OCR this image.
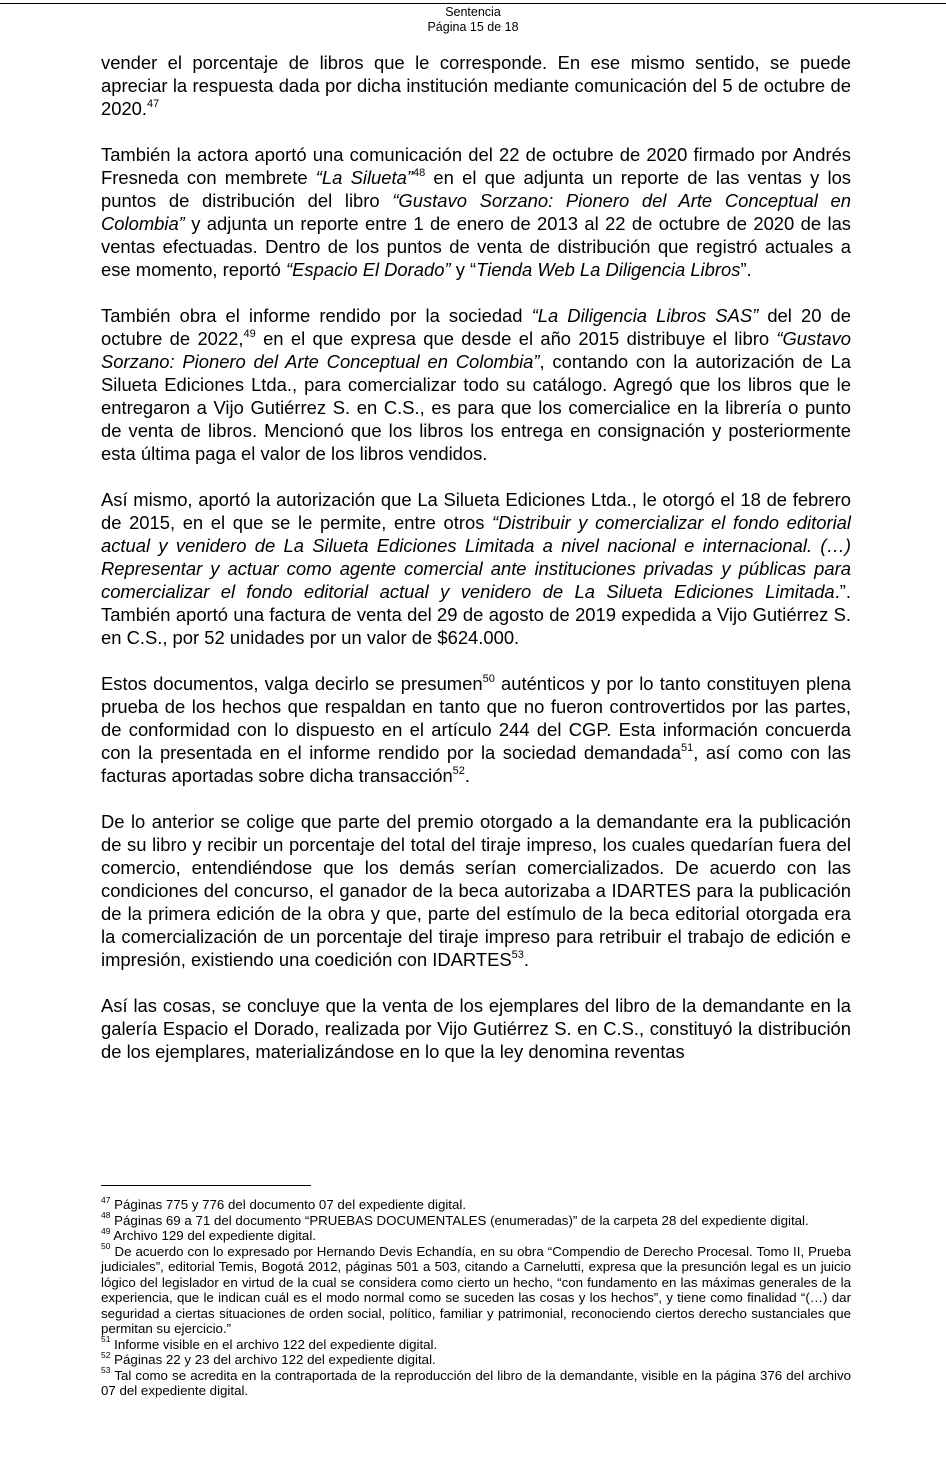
Sentencia
Página 15 de 18

vender el porcentaje de libros que le corresponde. En ese mismo sentido, se puede apreciar la respuesta dada por dicha institución mediante comunicación del 5 de octubre de 2020.47

También la actora aportó una comunicación del 22 de octubre de 2020 firmado por Andrés Fresneda con membrete “La Silueta”$^{48}$ en el que adjunta un reporte de las ventas y los puntos de distribución del libro “Gustavo Sorzano: Pionero del Arte Conceptual en Colombia” y adjunta un reporte entre 1 de enero de 2013 al 22 de octubre de 2020 de las ventas efectuadas. Dentro de los puntos de venta de distribución que registró actuales a ese momento, reportó “Espacio El Dorado” y “Tienda Web La Diligencia Libros”.

También obra el informe rendido por la sociedad “La Diligencia Libros SAS” del 20 de octubre de 2022,49 en el que expresa que desde el año 2015 distribuye el libro “Gustavo Sorzano: Pionero del Arte Conceptual en Colombia”, contando con la autorización de La Silueta Ediciones Ltda., para comercializar todo su catálogo. Agregó que los libros que le entregaron a Vijo Gutiérrez S. en C.S., es para que los comercialice en la librería o punto de venta de libros. Mencionó que los libros los entrega en consignación y posteriormente esta última paga el valor de los libros vendidos.

Así mismo, aportó la autorización que La Silueta Ediciones Ltda., le otorgó el 18 de febrero de 2015, en el que se le permite, entre otros “Distribuir y comercializar el fondo editorial actual y venidero de La Silueta Ediciones Limitada a nivel nacional e internacional. (…) Representar y actuar como agente comercial ante instituciones privadas y públicas para comercializar el fondo editorial actual y venidero de La Silueta Ediciones Limitada.”. También aportó una factura de venta del 29 de agosto de 2019 expedida a Vijo Gutiérrez S. en C.S., por 52 unidades por un valor de $624.000.

Estos documentos, valga decirlo se presumen$^{50}$ auténticos y por lo tanto constituyen plena prueba de los hechos que respaldan en tanto que no fueron controvertidos por las partes, de conformidad con lo dispuesto en el artículo 244 del CGP. Esta información concuerda con la presentada en el informe rendido por la sociedad demandada$^{51}$, así como con las facturas aportadas sobre dicha transacción$^{52}$.

De lo anterior se colige que parte del premio otorgado a la demandante era la publicación de su libro y recibir un porcentaje del total del tiraje impreso, los cuales quedarían fuera del comercio, entendiéndose que los demás serían comercializados. De acuerdo con las condiciones del concurso, el ganador de la beca autorizaba a IDARTES para la publicación de la primera edición de la obra y que, parte del estímulo de la beca editorial otorgada era la comercialización de un porcentaje del tiraje impreso para retribuir el trabajo de edición e impresión, existiendo una coedición con IDARTES$^{53}$.

Así las cosas, se concluye que la venta de los ejemplares del libro de la demandante en la galería Espacio el Dorado, realizada por Vijo Gutiérrez S. en C.S., constituyó la distribución de los ejemplares, materializándose en lo que la ley denomina reventas

$^{47}$ Páginas 775 y 776 del documento 07 del expediente digital.
$^{48}$ Páginas 69 a 71 del documento “PRUEBAS DOCUMENTALES (enumeradas)” de la carpeta 28 del expediente digital.
$^{49}$ Archivo 129 del expediente digital.
$^{50}$ De acuerdo con lo expresado por Hernando Devis Echandía, en su obra “Compendio de Derecho Procesal. Tomo II, Prueba judiciales”, editorial Temis, Bogotá 2012, páginas 501 a 503, citando a Carnelutti, expresa que la presunción legal es un juicio lógico del legislador en virtud de la cual se considera como cierto un hecho, “con fundamento en las máximas generales de la experiencia, que le indican cuál es el modo normal como se suceden las cosas y los hechos”, y tiene como finalidad “(…) dar seguridad a ciertas situaciones de orden social, político, familiar y patrimonial, reconociendo ciertos derecho sustanciales que permitan su ejercicio.”
$^{51}$ Informe visible en el archivo 122 del expediente digital.
$^{52}$ Páginas 22 y 23 del archivo 122 del expediente digital.
$^{53}$ Tal como se acredita en la contraportada de la reproducción del libro de la demandante, visible en la página 376 del archivo 07 del expediente digital.
